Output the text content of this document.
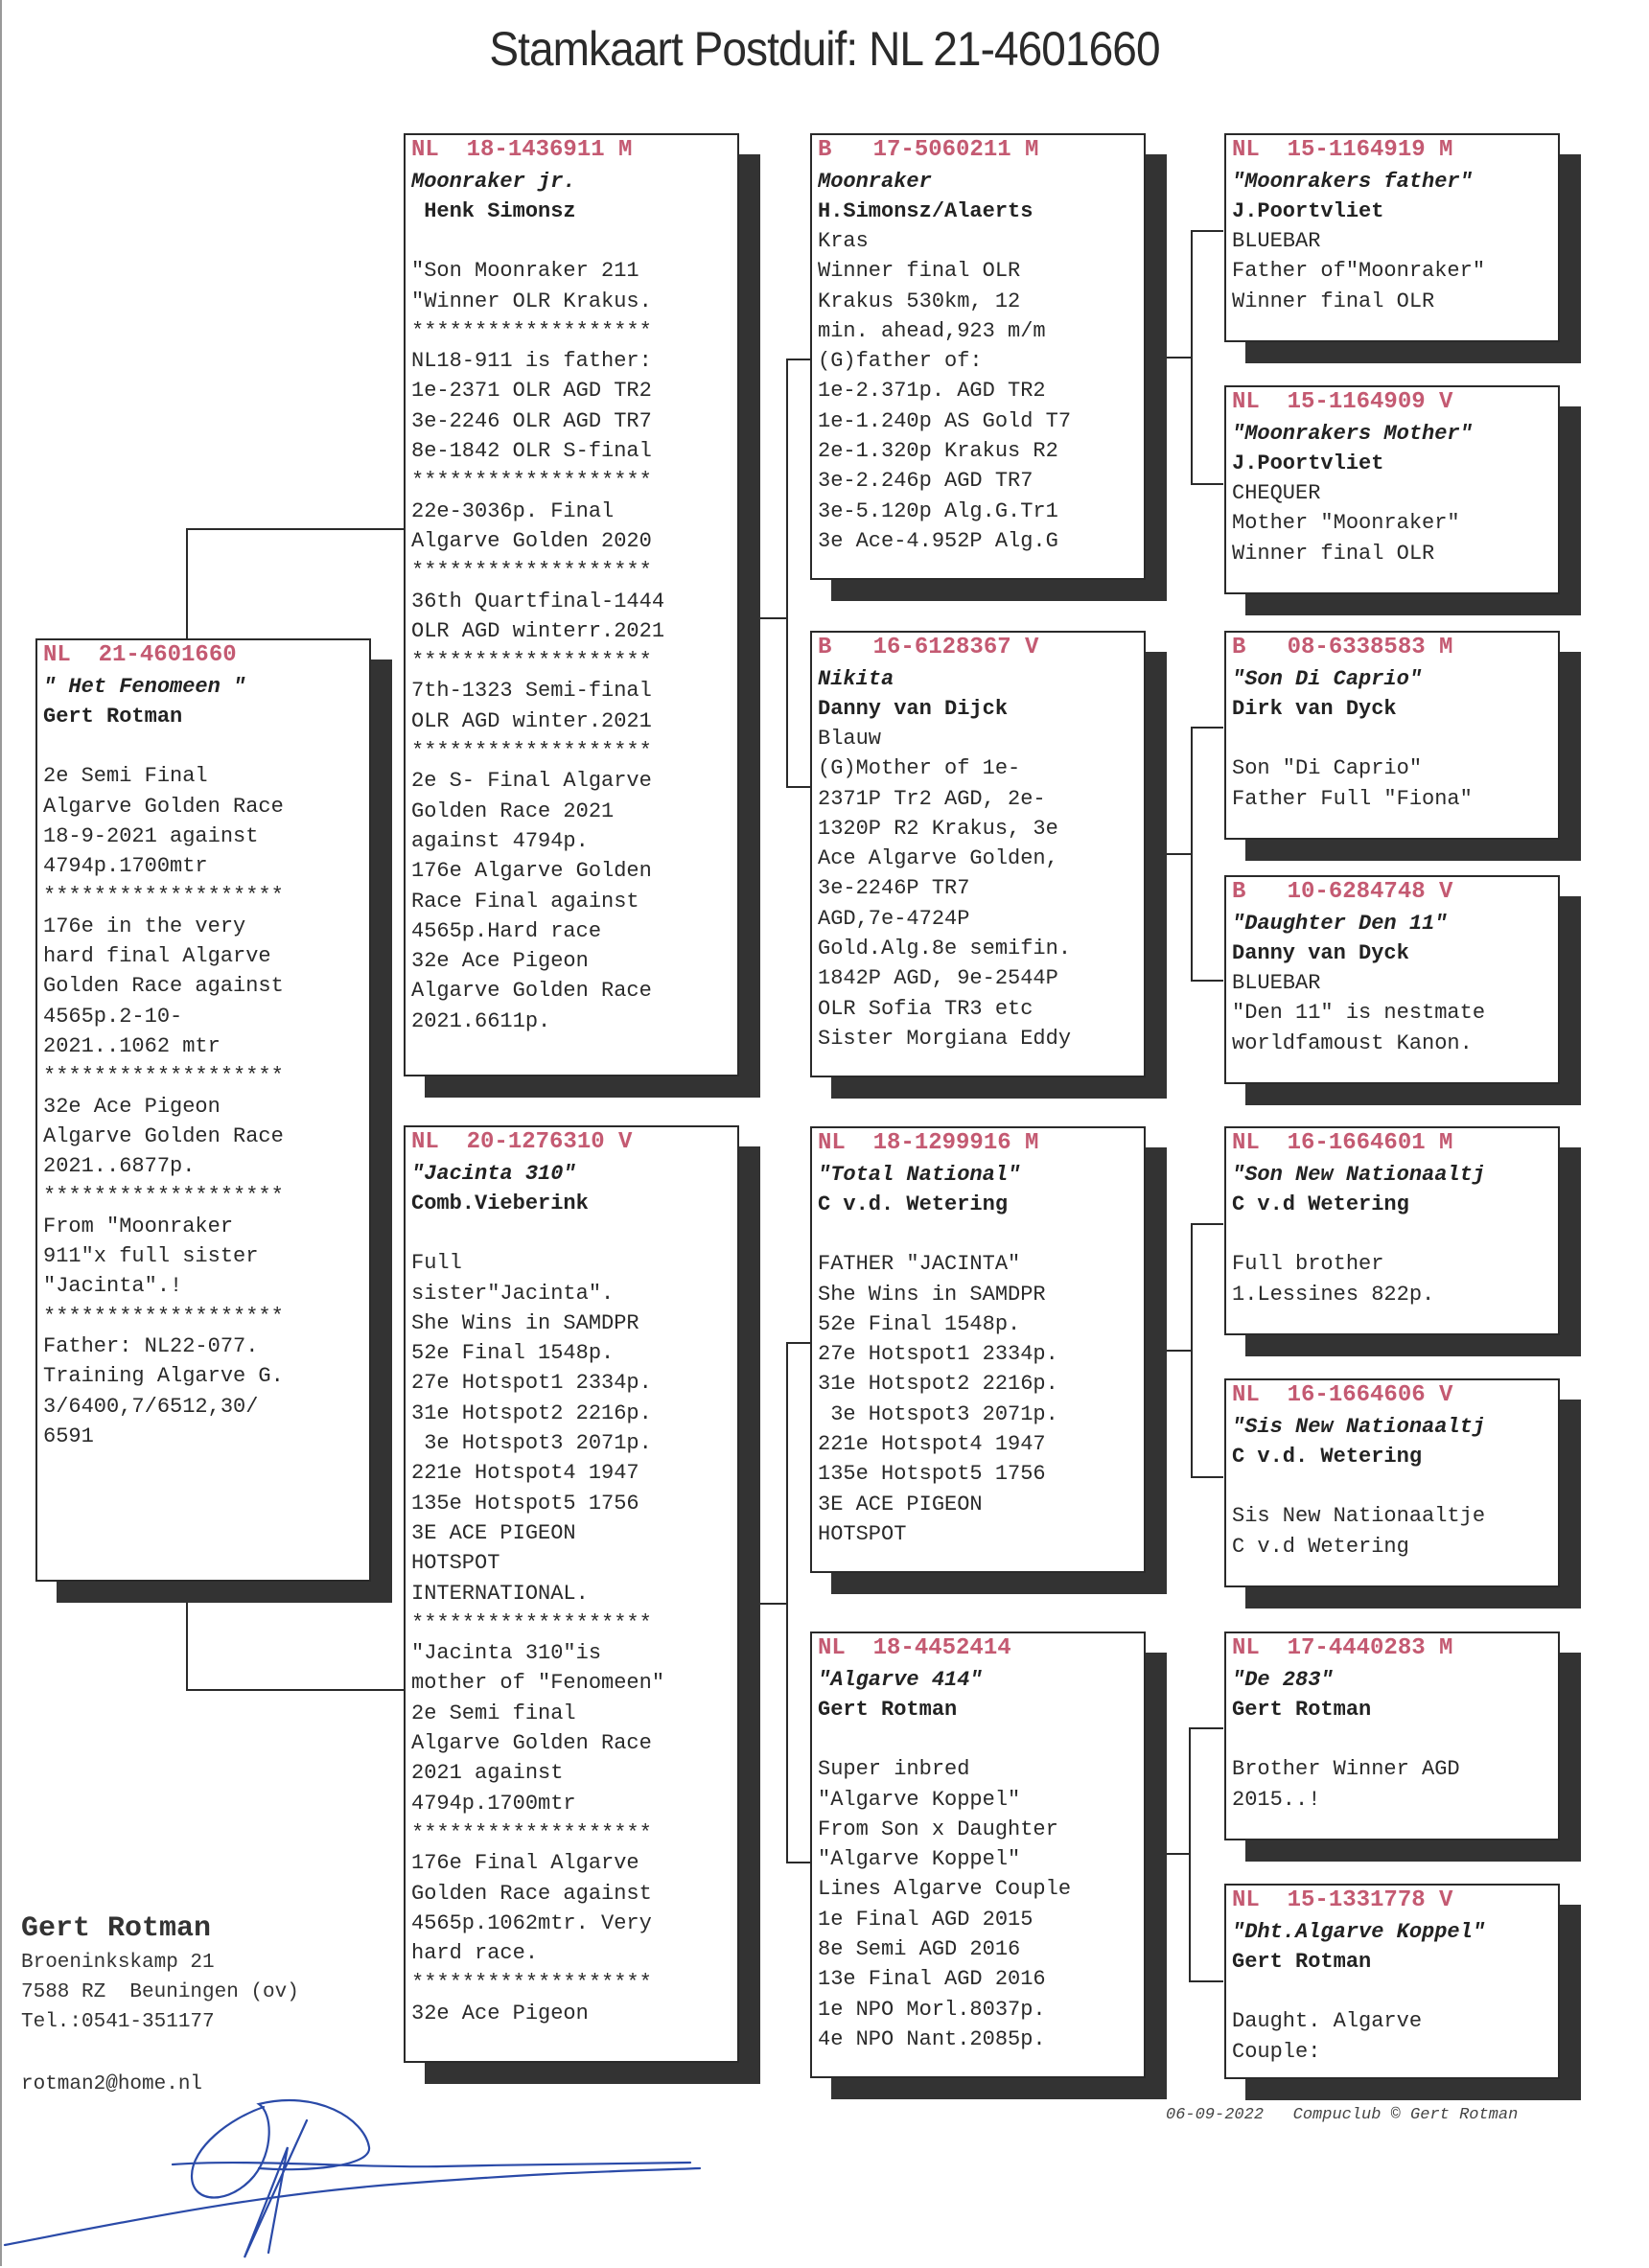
Stamkaart Postduif: NL 21-4601660
NL  21-4601660
" Het Fenomeen "
Gert Rotman
2e Semi Final
Algarve Golden Race
18-9-2021 against
4794p.1700mtr
*******************
176e in the very
hard final Algarve
Golden Race against
4565p.2-10-
2021..1062 mtr
*******************
32e Ace Pigeon
Algarve Golden Race
2021..6877p.
*******************
From "Moonraker
911"x full sister
"Jacinta".!
*******************
Father: NL22-077.
Training Algarve G.
3/6400,7/6512,30/
6591
NL  18-1436911 M
Moonraker jr.
Henk Simonsz
"Son Moonraker 211
"Winner OLR Krakus.
*******************
NL18-911 is father:
1e-2371 OLR AGD TR2
3e-2246 OLR AGD TR7
8e-1842 OLR S-final
*******************
22e-3036p. Final
Algarve Golden 2020
*******************
36th Quartfinal-1444
OLR AGD winterr.2021
*******************
7th-1323 Semi-final
OLR AGD winter.2021
*******************
2e S- Final Algarve
Golden Race 2021
against 4794p.
176e Algarve Golden
Race Final against
4565p.Hard race
32e Ace Pigeon
Algarve Golden Race
2021.6611p.
NL  20-1276310 V
"Jacinta 310"
Comb.Vieberink
Full
sister"Jacinta".
She Wins in SAMDPR
52e Final 1548p.
27e Hotspot1 2334p.
31e Hotspot2 2216p.
3e Hotspot3 2071p.
221e Hotspot4 1947
135e Hotspot5 1756
3E ACE PIGEON
HOTSPOT
INTERNATIONAL.
*******************
"Jacinta 310"is
mother of "Fenomeen"
2e Semi final
Algarve Golden Race
2021 against
4794p.1700mtr
*******************
176e Final Algarve
Golden Race against
4565p.1062mtr. Very
hard race.
*******************
32e Ace Pigeon
B   17-5060211 M
Moonraker
H.Simonsz/Alaerts
Kras
Winner final OLR
Krakus 530km, 12
min. ahead,923 m/m
(G)father of:
1e-2.371p. AGD TR2
1e-1.240p AS Gold T7
2e-1.320p Krakus R2
3e-2.246p AGD TR7
3e-5.120p Alg.G.Tr1
3e Ace-4.952P Alg.G
B   16-6128367 V
Nikita
Danny van Dijck
Blauw
(G)Mother of 1e-
2371P Tr2 AGD, 2e-
1320P R2 Krakus, 3e
Ace Algarve Golden,
3e-2246P TR7
AGD,7e-4724P
Gold.Alg.8e semifin.
1842P AGD, 9e-2544P
OLR Sofia TR3 etc
Sister Morgiana Eddy
NL  18-1299916 M
"Total National"
C v.d. Wetering
FATHER "JACINTA"
She Wins in SAMDPR
52e Final 1548p.
27e Hotspot1 2334p.
31e Hotspot2 2216p.
3e Hotspot3 2071p.
221e Hotspot4 1947
135e Hotspot5 1756
3E ACE PIGEON
HOTSPOT
NL  18-4452414
"Algarve 414"
Gert Rotman
Super inbred
"Algarve Koppel"
From Son x Daughter
"Algarve Koppel"
Lines Algarve Couple
1e Final AGD 2015
8e Semi AGD 2016
13e Final AGD 2016
1e NPO Morl.8037p.
4e NPO Nant.2085p.
NL  15-1164919 M
"Moonrakers father"
J.Poortvliet
BLUEBAR
Father of"Moonraker"
Winner final OLR
NL  15-1164909 V
"Moonrakers Mother"
J.Poortvliet
CHEQUER
Mother "Moonraker"
Winner final OLR
B   08-6338583 M
"Son Di Caprio"
Dirk van Dyck
Son "Di Caprio"
Father Full "Fiona"
B   10-6284748 V
"Daughter Den 11"
Danny van Dyck
BLUEBAR
"Den 11" is nestmate
worldfamoust Kanon.
NL  16-1664601 M
"Son New Nationaaltj
C v.d Wetering
Full brother
1.Lessines 822p.
NL  16-1664606 V
"Sis New Nationaaltj
C v.d. Wetering
Sis New Nationaaltje
C v.d Wetering
NL  17-4440283 M
"De 283"
Gert Rotman
Brother Winner AGD
2015..!
NL  15-1331778 V
"Dht.Algarve Koppel"
Gert Rotman
Daught. Algarve
Couple:
Gert Rotman
Broeninkskamp 21
7588 RZ  Beuningen (ov)
Tel.:0541-351177
rotman2@home.nl
06-09-2022 Compuclub © Gert Rotman
